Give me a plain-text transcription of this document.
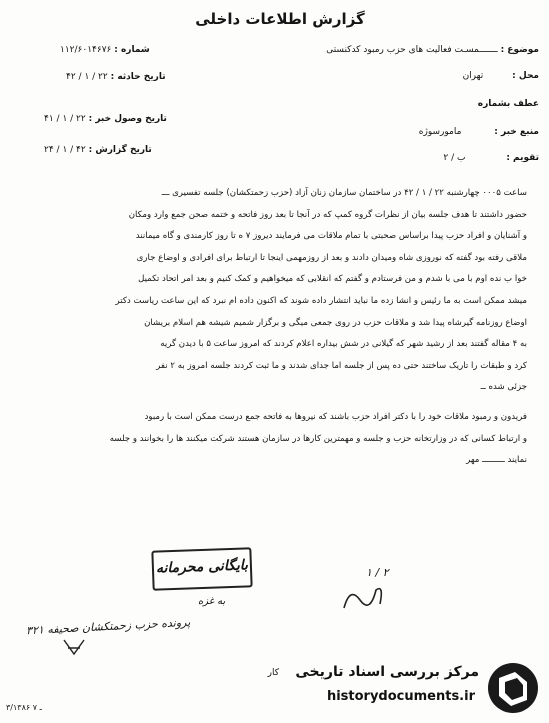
گزارش اطلاعات داخلی
موضوع : ـــــــمسـت فعالیت های حزب رمبود کدکنستی
محل : تهران
عطف بشماره
منبع خبر : مامورسوژه
تقویم : ب / ۲
شماره : ۱۱۲/۶۰۱۴۶۷۶
تاریخ حادثه : ۲۲ / ۱ / ۴۲
تاریخ وصول خبر : ۲۲ / ۱ / ۴۱
تاریخ گزارش : ۴۲ / ۱ / ۲۴

ساعت ۰۰۰۵ چهارشنبه ۲۲ / ۱ / ۴۲ در ساختمان سازمان زنان آزاد (حزب زحمتکشان) جلسه تفسیری ـــ

حضور داشتند تا هدف جلسه بیان از نظرات گروه کمپ که در آنجا تا بعد روز فاتحه و ختمه صحن جمع وارد ومکان

و آشنایان و افراد حزب پیدا براساس صحبتی با تمام ملاقات می فرمایند دیروز ۷ ه تا روز کارمندی و گاه میمانند

ملاقی رفته بود گفته که نوروزی شاه ومیدان دادند و بعد از روزمهمی اینجا تا ارتباط برای افرادی و اوضاع جاری

خوا ب نده اوم با می با شدم و من فرستادم و گفتم که انقلابی که میخواهیم و کمک کنیم و بعد امر اتحاد تکمیل

میشد ممکن است به ما رئیس و انشا زده ما نباید انتشار داده شوند که اکنون داده ام نبرد که این ساعت ریاست دکتر

اوضاع روزنامه گیرشاه پیدا شد و ملاقات حزب در روی جمعی میگی و برگزار شمیم شیشه هم اسلام بریشان

به ۴ مقاله گفتند بعد از رشید شهر که گیلانی در شش بیداره اعلام کردند که امروز ساعت ۵ با دیدن گریه

کرد و طبقات را تاریک ساختند حتی ده پس از جلسه اما جدای شدند و ما ثبت کردند جلسه امروز به ۲ نفر

جزئی شده ــ

فریدون و رمبود ملاقات خود را با دکتر افراد حزب باشند که نیروها به فاتحه جمع درست ممکن است با رمبود

و ارتباط کسانی که در وزارتخانه حزب و جلسه و مهمترین کارها در سازمان هستند شرکت میکنند ها را بخوانند و جلسه

نمایند ـــــــــ مهر

بایگانی محرمانه	۲ / ۱
به غزه
پرونده حزب زحمتکشان صحیفه ۳۲۱
مرکز بررسی اسناد تاریخی
historydocuments.ir
کار
۳/۱۳۸۶ ـ ۷
